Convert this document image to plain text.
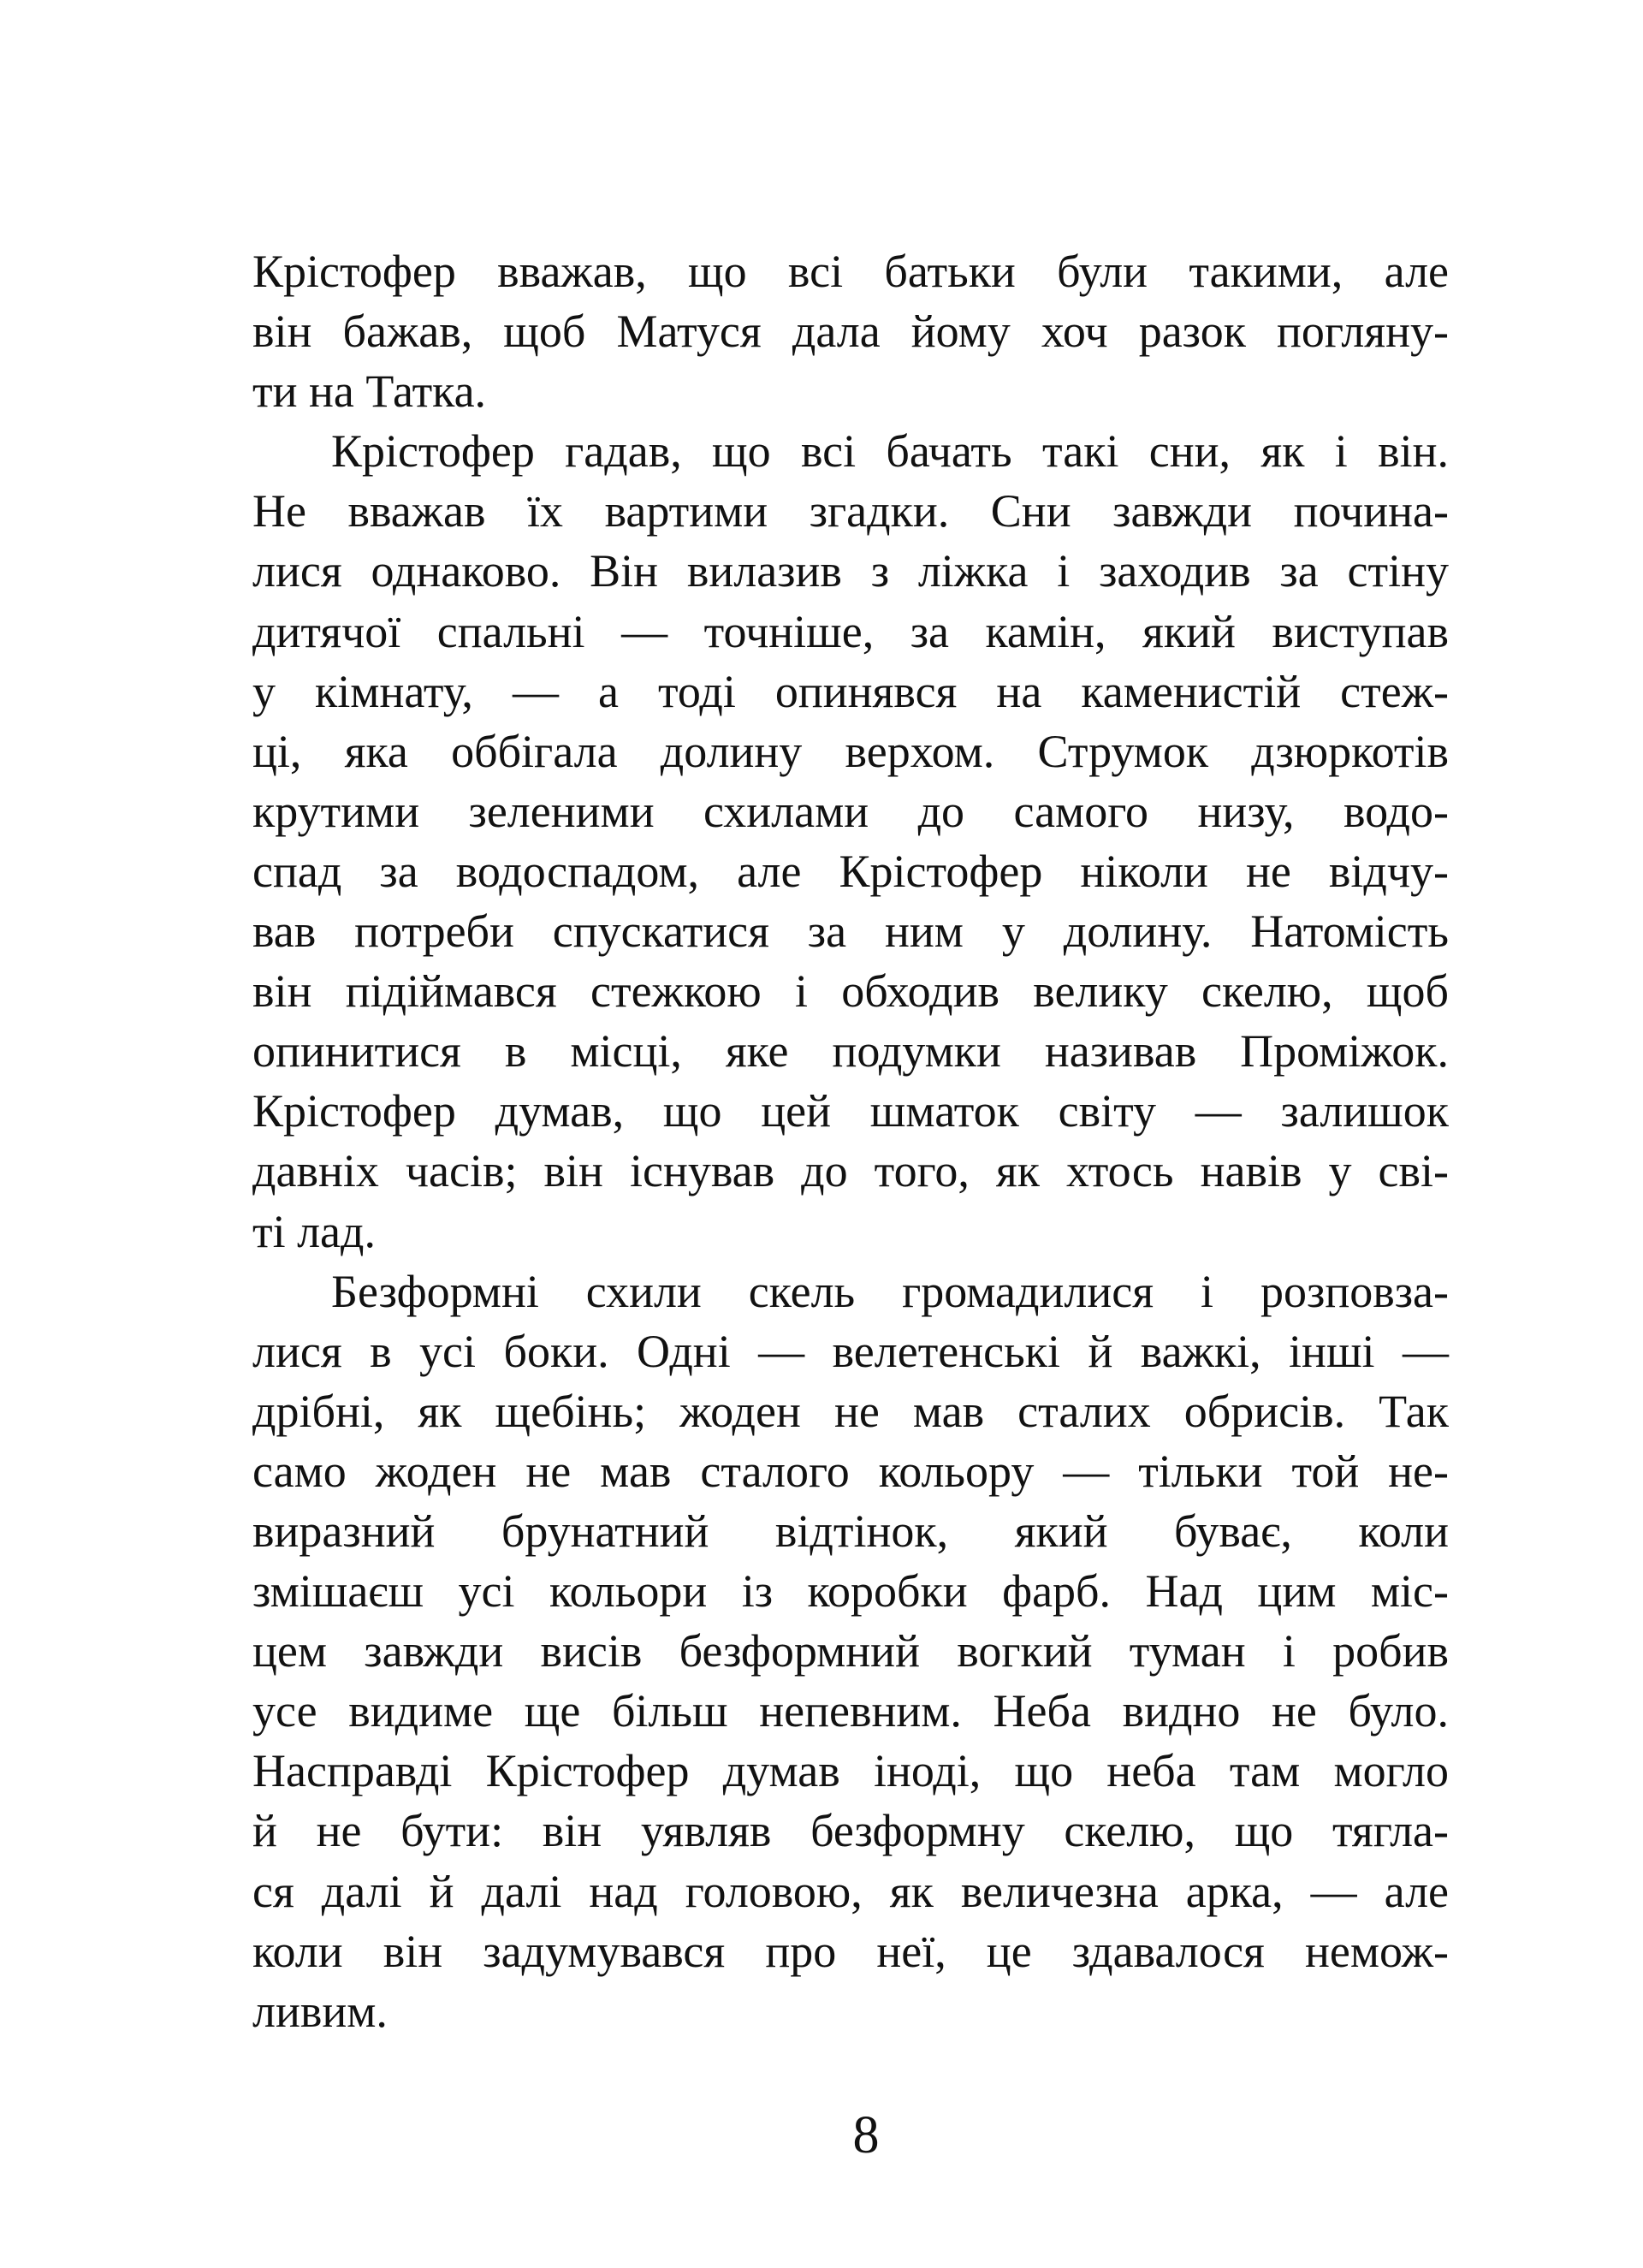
Крістофер вважав, що всі батьки були такими, але
він бажав, щоб Матуся дала йому хоч разок погляну-
ти на Татка.
Крістофер гадав, що всі бачать такі сни, як і він.
Не вважав їх вартими згадки. Сни завжди почина-
лися однаково. Він вилазив з ліжка і заходив за стіну
дитячої спальні — точніше, за камін, який виступав
у кімнату, — а тоді опинявся на каменистій стеж-
ці, яка оббігала долину верхом. Струмок дзюркотів
крутими зеленими схилами до самого низу, водо-
спад за водоспадом, але Крістофер ніколи не відчу-
вав потреби спускатися за ним у долину. Натомість
він підіймався стежкою і обходив велику скелю, щоб
опинитися в місці, яке подумки називав Проміжок.
Крістофер думав, що цей шматок світу — залишок
давніх часів; він існував до того, як хтось навів у сві-
ті лад.
Безформні схили скель громадилися і розповза-
лися в усі боки. Одні — велетенські й важкі, інші —
дрібні, як щебінь; жоден не мав сталих обрисів. Так
само жоден не мав сталого кольору — тільки той не-
виразний брунатний відтінок, який буває, коли
змішаєш усі кольори із коробки фарб. Над цим міс-
цем завжди висів безформний вогкий туман і робив
усе видиме ще більш непевним. Неба видно не було.
Насправді Крістофер думав іноді, що неба там могло
й не бути: він уявляв безформну скелю, що тягла-
ся далі й далі над головою, як величезна арка, — але
коли він задумувався про неї, це здавалося немож-
ливим.
8
